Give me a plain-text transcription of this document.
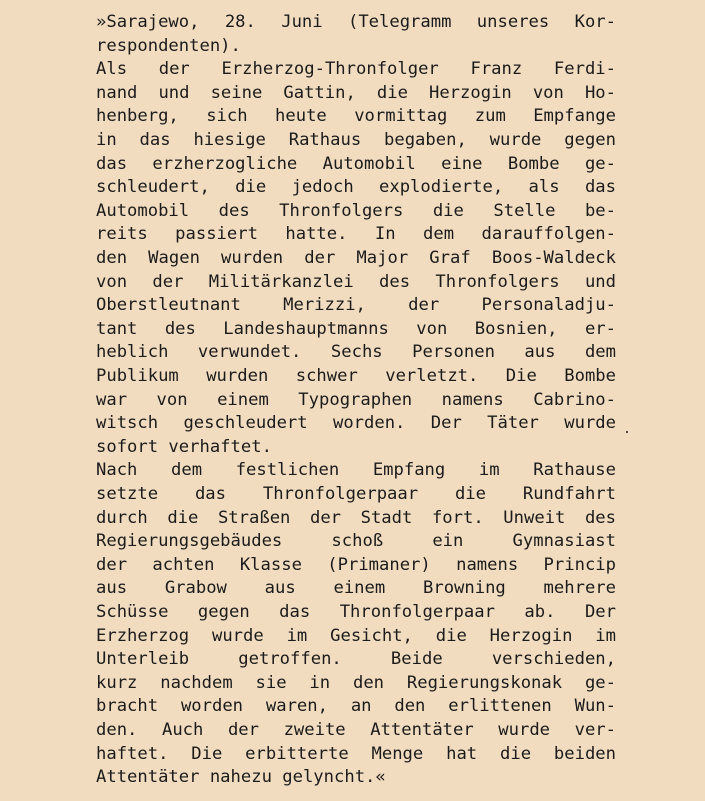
»Sarajewo, 28. Juni (Telegramm unseres Kor-
respondenten).
Als der Erzherzog-Thronfolger Franz Ferdi-
nand und seine Gattin, die Herzogin von Ho-
henberg, sich heute vormittag zum Empfange
in das hiesige Rathaus begaben, wurde gegen
das erzherzogliche Automobil eine Bombe ge-
schleudert, die jedoch explodierte, als das
Automobil des Thronfolgers die Stelle be-
reits passiert hatte. In dem darauffolgen-
den Wagen wurden der Major Graf Boos-Waldeck
von der Militärkanzlei des Thronfolgers und
Oberstleutnant Merizzi, der Personaladju-
tant des Landeshauptmanns von Bosnien, er-
heblich verwundet. Sechs Personen aus dem
Publikum wurden schwer verletzt. Die Bombe
war von einem Typographen namens Cabrino-
witsch geschleudert worden. Der Täter wurde
sofort verhaftet.
Nach dem festlichen Empfang im Rathause
setzte das Thronfolgerpaar die Rundfahrt
durch die Straßen der Stadt fort. Unweit des
Regierungsgebäudes schoß ein Gymnasiast
der achten Klasse (Primaner) namens Princip
aus Grabow aus einem Browning mehrere
Schüsse gegen das Thronfolgerpaar ab. Der
Erzherzog wurde im Gesicht, die Herzogin im
Unterleib getroffen. Beide verschieden,
kurz nachdem sie in den Regierungskonak ge-
bracht worden waren, an den erlittenen Wun-
den. Auch der zweite Attentäter wurde ver-
haftet. Die erbitterte Menge hat die beiden
Attentäter nahezu gelyncht.«
